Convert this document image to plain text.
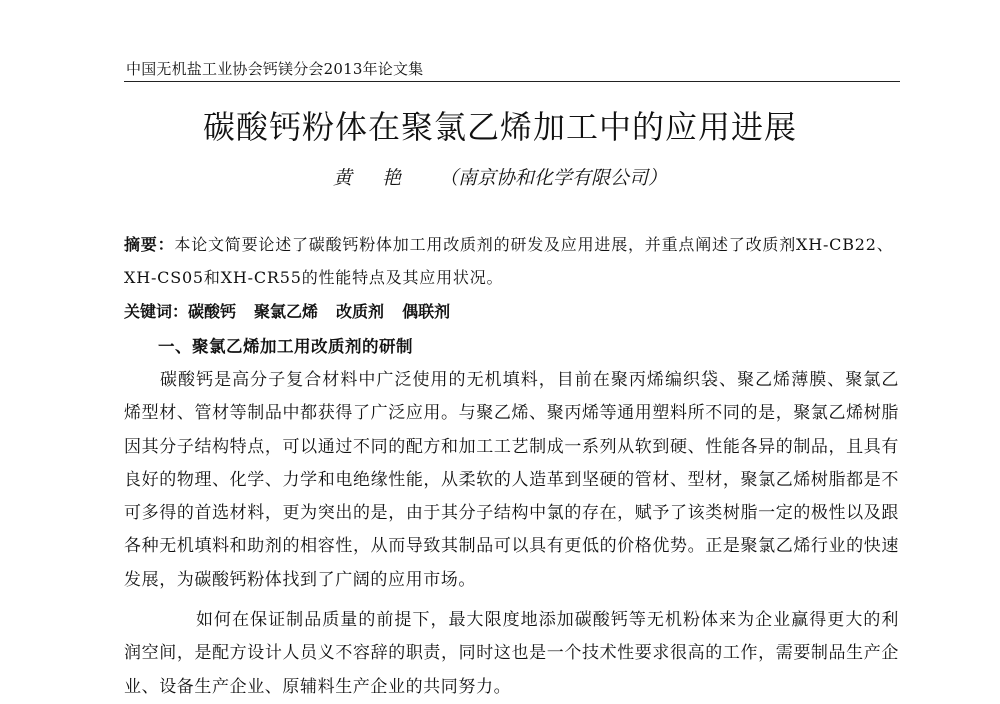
中国无机盐工业协会钙镁分会2013年论文集
碳酸钙粉体在聚氯乙烯加工中的应用进展
黄 艳 （南京协和化学有限公司）
摘要：本论文简要论述了碳酸钙粉体加工用改质剂的研发及应用进展，并重点阐述了改质剂XH-CB22、XH-CS05和XH-CR55的性能特点及其应用状况。
关键词：碳酸钙 聚氯乙烯 改质剂 偶联剂
一、聚氯乙烯加工用改质剂的研制
碳酸钙是高分子复合材料中广泛使用的无机填料，目前在聚丙烯编织袋、聚乙烯薄膜、聚氯乙烯型材、管材等制品中都获得了广泛应用。与聚乙烯、聚丙烯等通用塑料所不同的是，聚氯乙烯树脂因其分子结构特点，可以通过不同的配方和加工工艺制成一系列从软到硬、性能各异的制品，且具有良好的物理、化学、力学和电绝缘性能，从柔软的人造革到坚硬的管材、型材，聚氯乙烯树脂都是不可多得的首选材料，更为突出的是，由于其分子结构中氯的存在，赋予了该类树脂一定的极性以及跟各种无机填料和助剂的相容性，从而导致其制品可以具有更低的价格优势。正是聚氯乙烯行业的快速发展，为碳酸钙粉体找到了广阔的应用市场。
如何在保证制品质量的前提下，最大限度地添加碳酸钙等无机粉体来为企业赢得更大的利润空间，是配方设计人员义不容辞的职责，同时这也是一个技术性要求很高的工作，需要制品生产企业、设备生产企业、原辅料生产企业的共同努力。
